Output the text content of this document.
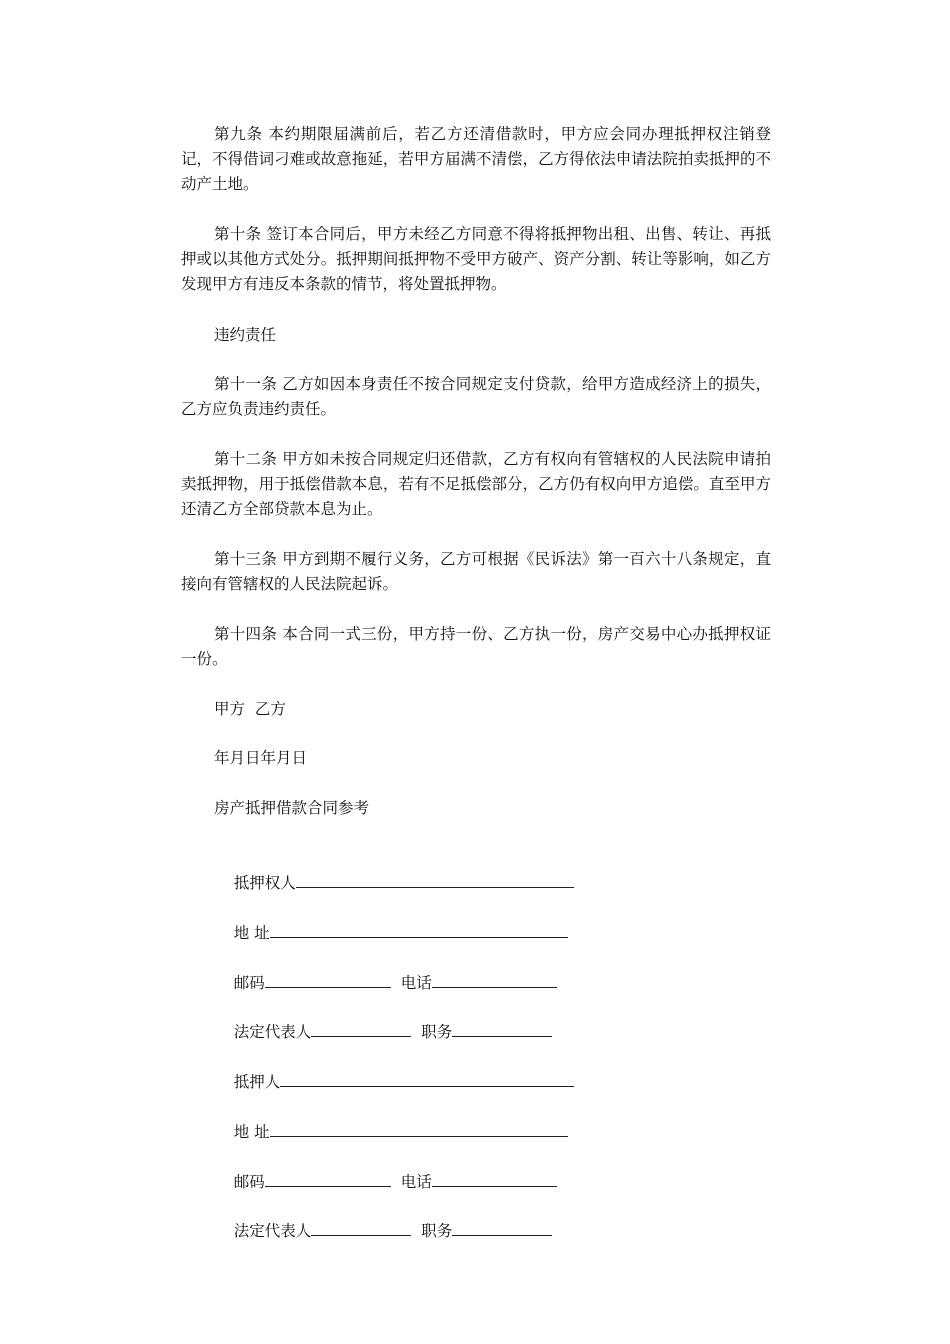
第九条 本约期限届满前后，若乙方还清借款时，甲方应会同办理抵押权注销登记，不得借词刁难或故意拖延，若甲方届满不清偿，乙方得依法申请法院拍卖抵押的不动产土地。

第十条 签订本合同后，甲方未经乙方同意不得将抵押物出租、出售、转让、再抵押或以其他方式处分。抵押期间抵押物不受甲方破产、资产分割、转让等影响，如乙方发现甲方有违反本条款的情节，将处置抵押物。

违约责任

第十一条 乙方如因本身责任不按合同规定支付贷款，给甲方造成经济上的损失，乙方应负责违约责任。

第十二条 甲方如未按合同规定归还借款，乙方有权向有管辖权的人民法院申请拍卖抵押物，用于抵偿借款本息，若有不足抵偿部分，乙方仍有权向甲方追偿。直至甲方还清乙方全部贷款本息为止。

第十三条 甲方到期不履行义务，乙方可根据《民诉法》第一百六十八条规定，直接向有管辖权的人民法院起诉。

第十四条 本合同一式三份，甲方持一份、乙方执一份，房产交易中心办抵押权证一份。

甲方  乙方

年月日年月日

房产抵押借款合同参考

抵押权人

地 址

邮码	电话

法定代表人	职务

抵押人

地 址

邮码	电话

法定代表人	职务
